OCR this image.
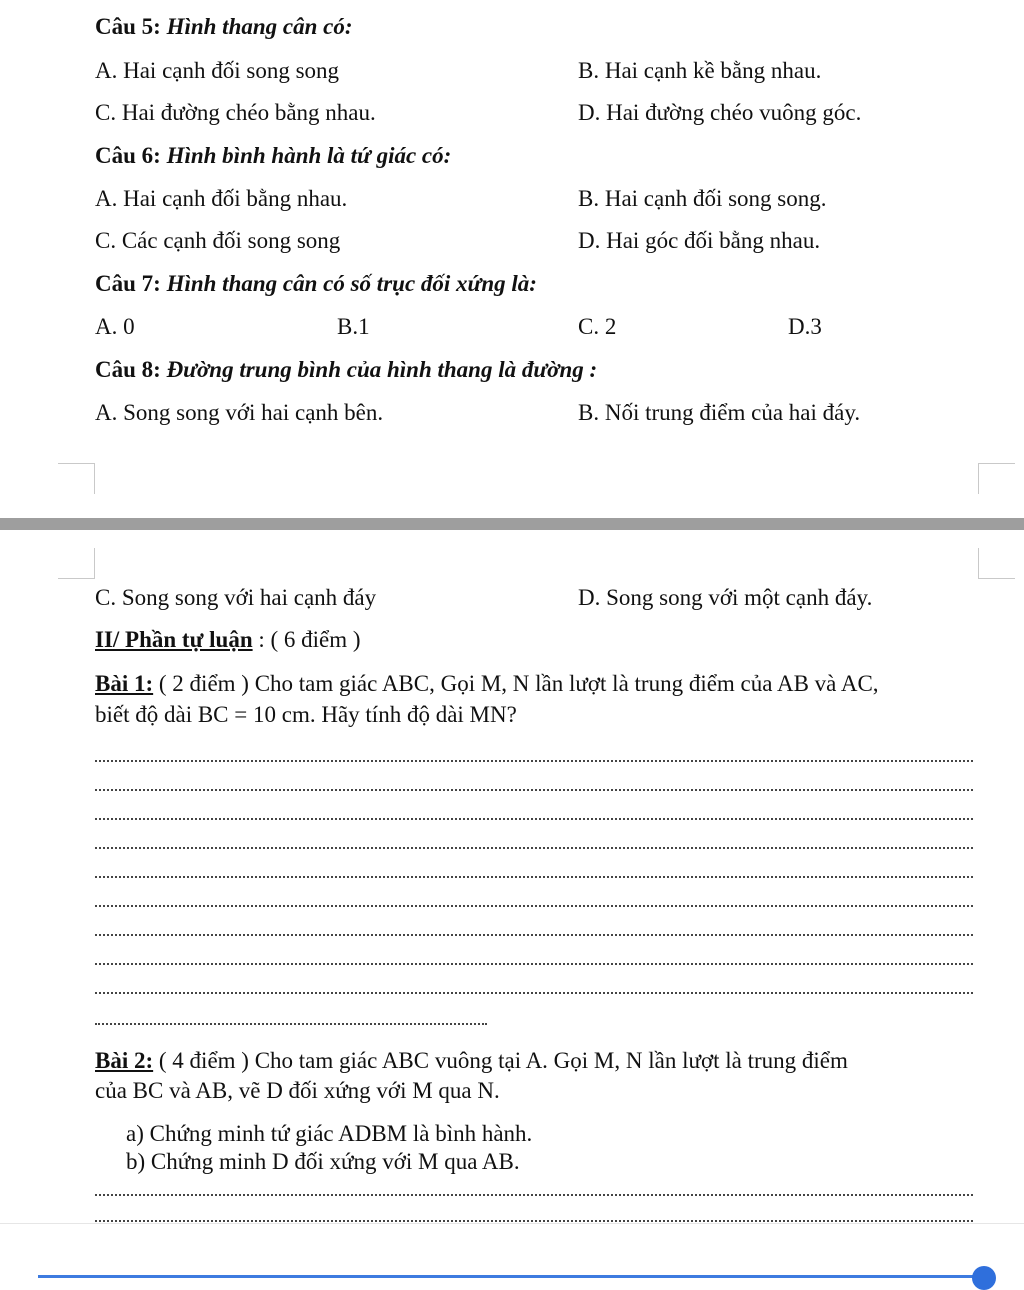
Câu 5: Hình thang cân có:
A. Hai cạnh đối song song	B. Hai cạnh kề bằng nhau.
C. Hai đường chéo bằng nhau.	D. Hai đường chéo vuông góc.
Câu 6: Hình bình hành là tứ giác có:
A. Hai cạnh đối bằng nhau.	B. Hai cạnh đối song song.
C. Các cạnh đối song song	D. Hai góc đối bằng nhau.
Câu 7: Hình thang cân có số trục đối xứng là:
A. 0	B.1	C. 2	D.3
Câu 8: Đường trung bình của hình thang là đường :
A. Song song với hai cạnh bên.	B. Nối trung điểm của hai đáy.
C. Song song với hai cạnh đáy	D. Song song với một cạnh đáy.
II/ Phần tự luận : ( 6 điểm )
Bài 1: ( 2 điểm ) Cho tam giác ABC, Gọi M, N lần lượt là trung điểm của AB và AC,
biết độ dài BC = 10 cm. Hãy tính độ dài MN?
Bài 2: ( 4 điểm ) Cho tam giác ABC vuông tại A. Gọi M, N lần lượt là trung điểm
của BC và AB, vẽ D đối xứng với M qua N.
a) Chứng minh tứ giác ADBM là bình hành.
b) Chứng minh D đối xứng với M qua AB.
